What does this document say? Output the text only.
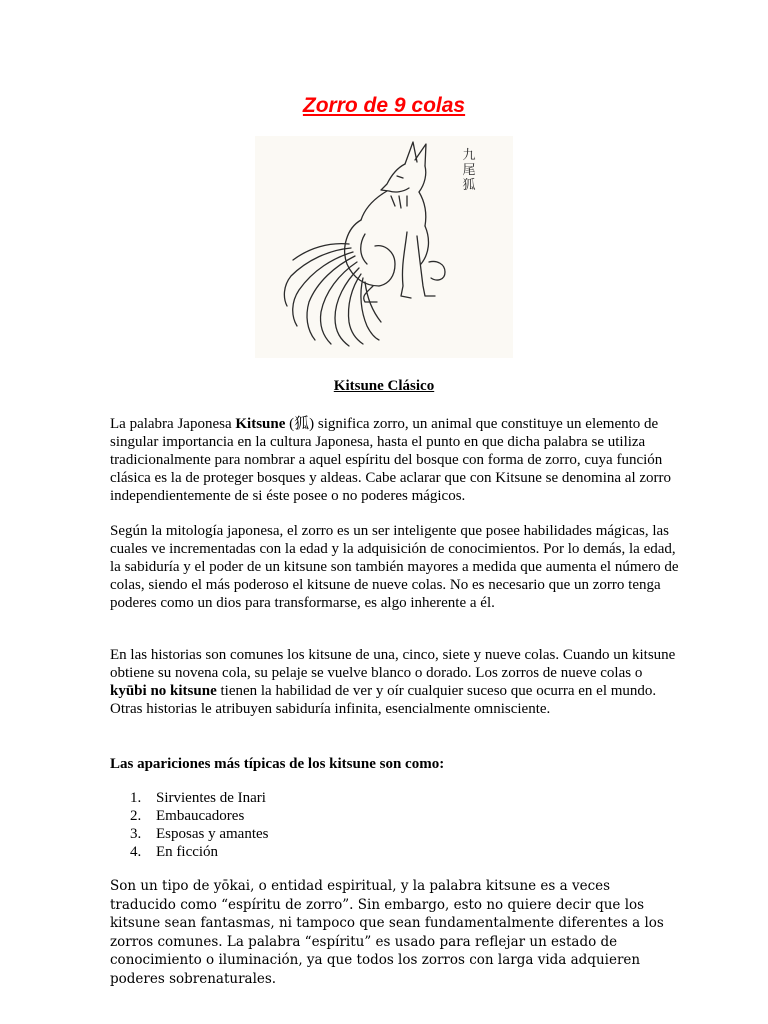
Zorro de 9 colas
九尾狐
Kitsune Clásico

La palabra Japonesa Kitsune (狐) significa zorro, un animal que constituye un elemento de singular importancia en la cultura Japonesa, hasta el punto en que dicha palabra se utiliza tradicionalmente para nombrar a aquel espíritu del bosque con forma de zorro, cuya función clásica es la de proteger bosques y aldeas. Cabe aclarar que con Kitsune se denomina al zorro independientemente de si éste posee o no poderes mágicos.

Según la mitología japonesa, el zorro es un ser inteligente que posee habilidades mágicas, las cuales ve incrementadas con la edad y la adquisición de conocimientos. Por lo demás, la edad, la sabiduría y el poder de un kitsune son también mayores a medida que aumenta el número de colas, siendo el más poderoso el kitsune de nueve colas. No es necesario que un zorro tenga poderes como un dios para transformarse, es algo inherente a él.

En las historias son comunes los kitsune de una, cinco, siete y nueve colas. Cuando un kitsune obtiene su novena cola, su pelaje se vuelve blanco o dorado. Los zorros de nueve colas o kyūbi no kitsune tienen la habilidad de ver y oír cualquier suceso que ocurra en el mundo. Otras historias le atribuyen sabiduría infinita, esencialmente omnisciente.

Las apariciones más típicas de los kitsune son como:

1. Sirvientes de Inari
2. Embaucadores
3. Esposas y amantes
4. En ficción

Son un tipo de yōkai, o entidad espiritual, y la palabra kitsune es a veces traducido como “espíritu de zorro”. Sin embargo, esto no quiere decir que los kitsune sean fantasmas, ni tampoco que sean fundamentalmente diferentes a los zorros comunes. La palabra “espíritu” es usado para reflejar un estado de conocimiento o iluminación, ya que todos los zorros con larga vida adquieren poderes sobrenaturales.
